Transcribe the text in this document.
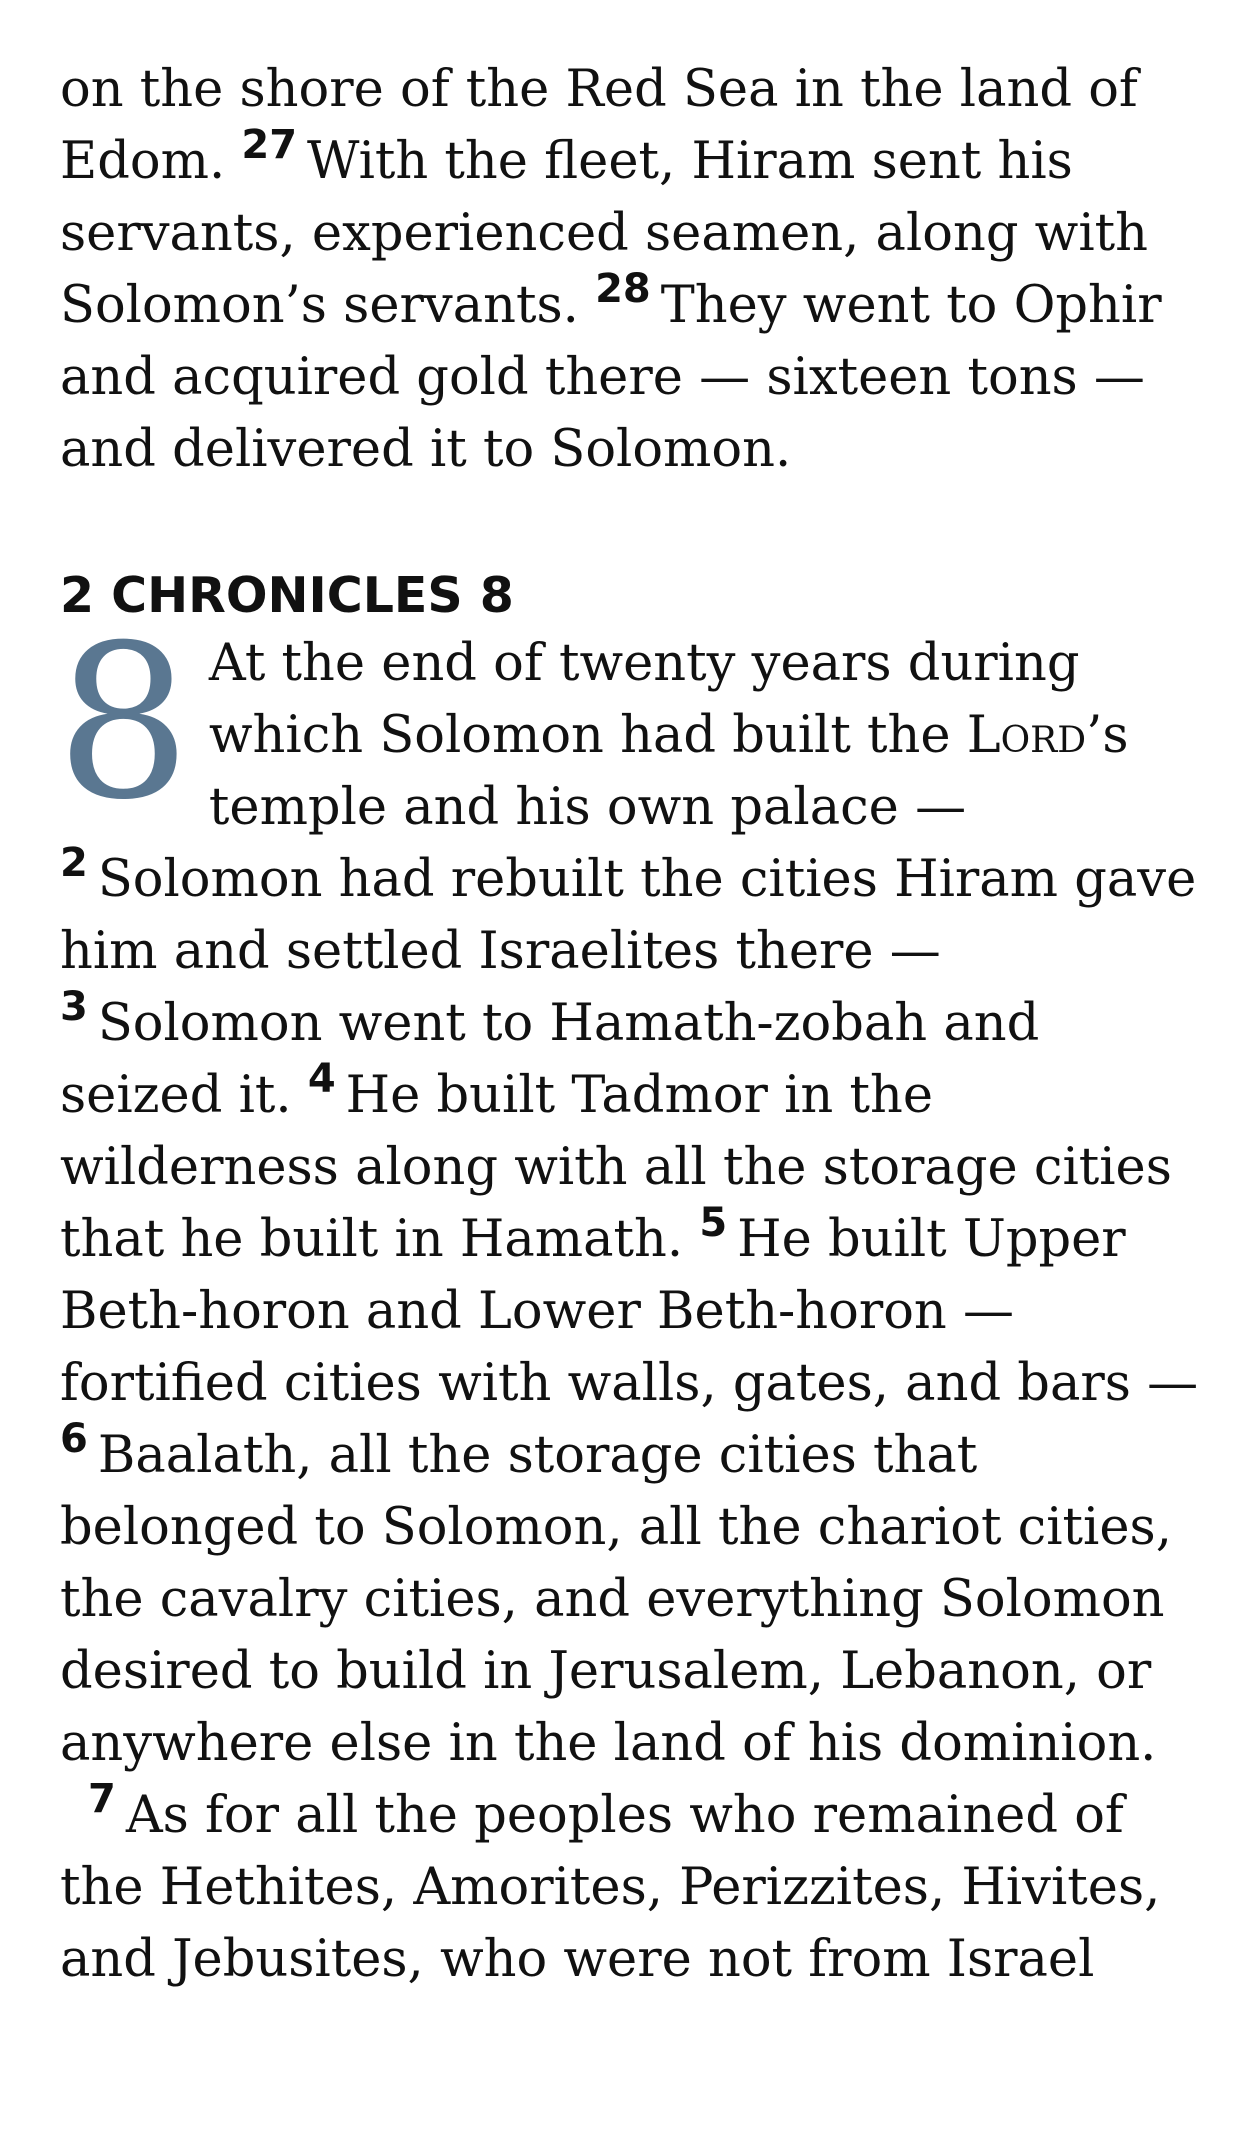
on the shore of the Red Sea in the land of Edom. $^{27}$ With the fleet, Hiram sent his servants, experienced seamen, along with Solomon’s servants. $^{28}$ They went to Ophir and acquired gold there — sixteen tons — and delivered it to Solomon.

2 CHRONICLES 8

8 At the end of twenty years during which Solomon had built the Lord’s temple and his own palace — $^2$ Solomon had rebuilt the cities Hiram gave him and settled Israelites there — $^3$ Solomon went to Hamath-zobah and seized it. $^4$ He built Tadmor in the wilderness along with all the storage cities that he built in Hamath. $^5$ He built Upper Beth-horon and Lower Beth-horon — fortified cities with walls, gates, and bars — $^6$ Baalath, all the storage cities that belonged to Solomon, all the chariot cities, the cavalry cities, and everything Solomon desired to build in Jerusalem, Lebanon, or anywhere else in the land of his dominion.

$^7$ As for all the peoples who remained of the Hethites, Amorites, Perizzites, Hivites, and Jebusites, who were not from Israel
